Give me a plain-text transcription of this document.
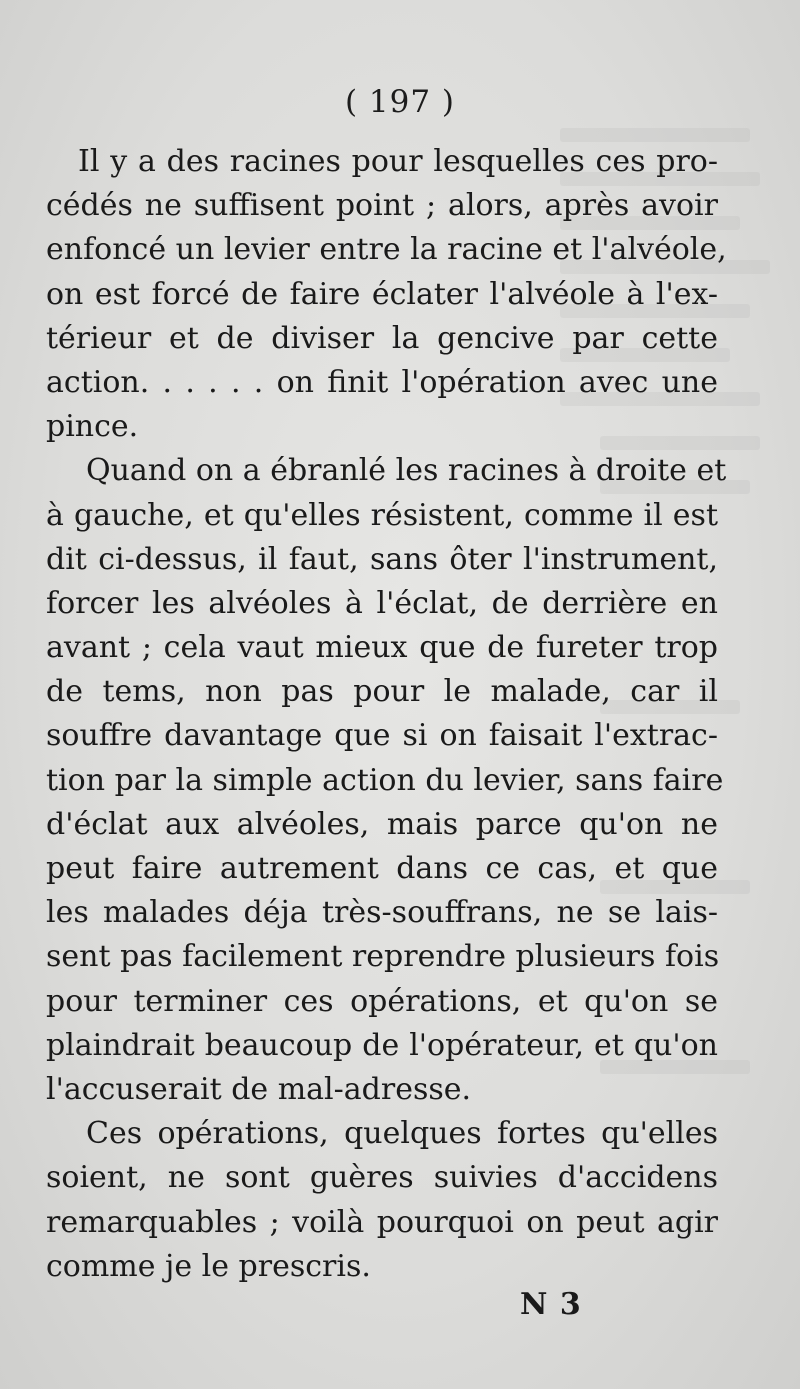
( 197 )
Il y a des racines pour lesquelles ces pro-
cédés ne suffisent point ; alors, après avoir
enfoncé un levier entre la racine et l'alvéole,
on est forcé de faire éclater l'alvéole à l'ex-
térieur et de diviser la gencive par cette
action. . . . . . on finit l'opération avec une
pince.
Quand on a ébranlé les racines à droite et
à gauche, et qu'elles résistent, comme il est
dit ci-dessus, il faut, sans ôter l'instrument,
forcer les alvéoles à l'éclat, de derrière en
avant ; cela vaut mieux que de fureter trop
de tems, non pas pour le malade, car il
souffre davantage que si on faisait l'extrac-
tion par la simple action du levier, sans faire
d'éclat aux alvéoles, mais parce qu'on ne
peut faire autrement dans ce cas, et que
les malades déja très-souffrans, ne se lais-
sent pas facilement reprendre plusieurs fois
pour terminer ces opérations, et qu'on se
plaindrait beaucoup de l'opérateur, et qu'on
l'accuserait de mal-adresse.
Ces opérations, quelques fortes qu'elles
soient, ne sont guères suivies d'accidens
remarquables ; voilà pourquoi on peut agir
comme je le prescris.
N 3
